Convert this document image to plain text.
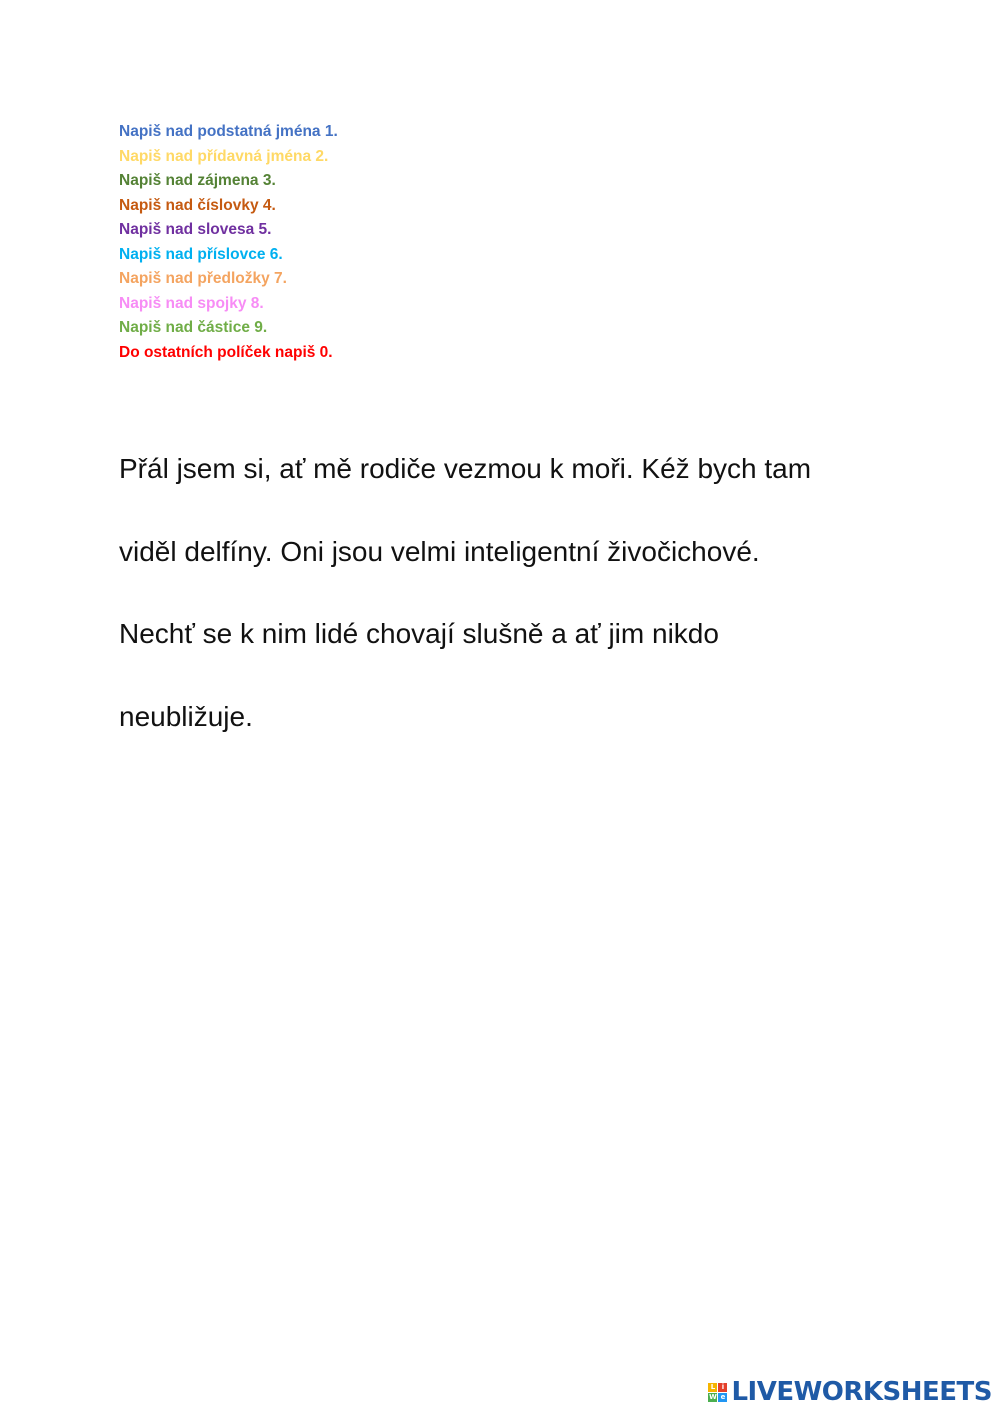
Napiš nad podstatná jména 1.
Napiš nad přídavná jména 2.
Napiš nad zájmena 3.
Napiš nad číslovky 4.
Napiš nad slovesa 5.
Napiš nad příslovce 6.
Napiš nad předložky 7.
Napiš nad spojky 8.
Napiš nad částice 9.
Do ostatních políček napiš 0.
Přál jsem si, ať mě rodiče vezmou k moři. Kéž bych tam
viděl delfíny. Oni jsou velmi inteligentní živočichové.
Nechť se k nim lidé chovají slušně a ať jim nikdo
neubližuje.
L i
W e LIVEWORKSHEETS
